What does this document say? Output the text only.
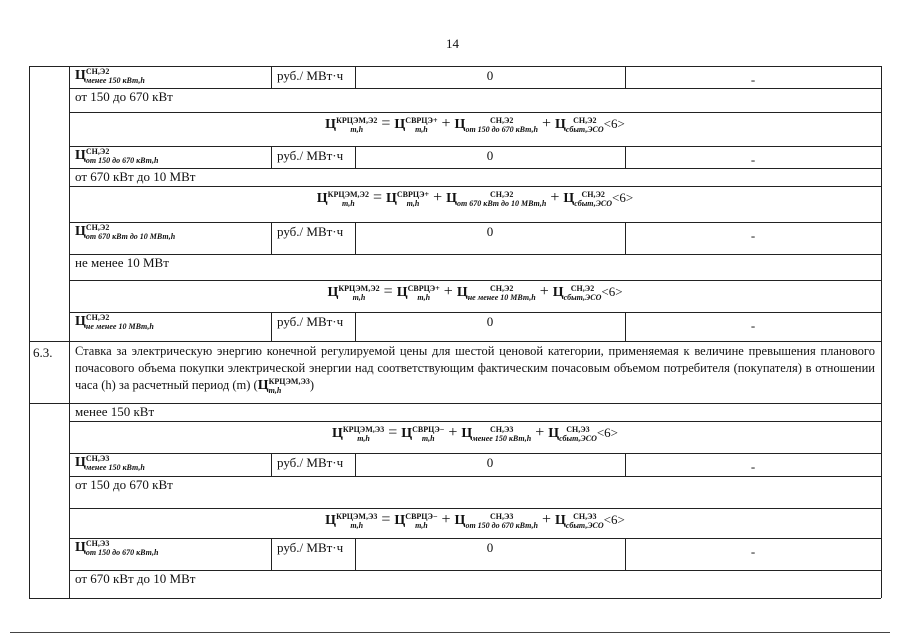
14
Ц СН,Э2
менее 150 кВт,h	руб./ МВт·ч	0	-
от 150 до 670 кВт
Ц КРЦЭМ,Э2
m,h = Ц СВРЦЭ+
m,h + Ц	СН,Э2
от 150 до 670 кВт,h + Ц СН,Э2
сбыт,ЭСО <6>
Ц СН,Э2
от 150 до 670 кВт,h	руб./ МВт·ч	0	-
от 670 кВт до 10 МВт
Ц КРЦЭМ,Э2
m,h = Ц СВРЦЭ+
m,h + Ц	СН,Э2
от 670 кВт до 10 МВт,h + Ц СН,Э2
сбыт,ЭСО <6>
Ц СН,Э2
от 670 кВт до 10 МВт,h	руб./ МВт·ч	0	-
не менее 10 МВт
Ц КРЦЭМ,Э2
m,h = Ц СВРЦЭ+
m,h + Ц	СН,Э2
не менее 10 МВт,h + Ц СН,Э2
сбыт,ЭСО <6>
Ц СН,Э2
не менее 10 МВт,h	руб./ МВт·ч	0	-
6.3. Ставка за электрическую энергию конечной регулируемой цены для шестой ценовой категории, применяемая к величине превышения планового почасового объема покупки электрической энергии над соответствующим фактическим почасовым объемом потребителя (покупателя) в отношении часа (h) за расчетный период (m) (Ц КРЦЭМ,Э3
m,h	)
менее 150 кВт
Ц КРЦЭМ,Э3
m,h = Ц СВРЦЭ−
m,h + Ц	СН,Э3
менее 150 кВт,h + Ц СН,Э3
сбыт,ЭСО <6>
Ц СН,Э3
менее 150 кВт,h	руб./ МВт·ч	0	-
от 150 до 670 кВт
Ц КРЦЭМ,Э3
m,h = Ц СВРЦЭ−
m,h + Ц	СН,Э3
от 150 до 670 кВт,h + Ц СН,Э3
сбыт,ЭСО <6>
Ц СН,Э3
от 150 до 670 кВт,h	руб./ МВт·ч	0	-
от 670 кВт до 10 МВт
